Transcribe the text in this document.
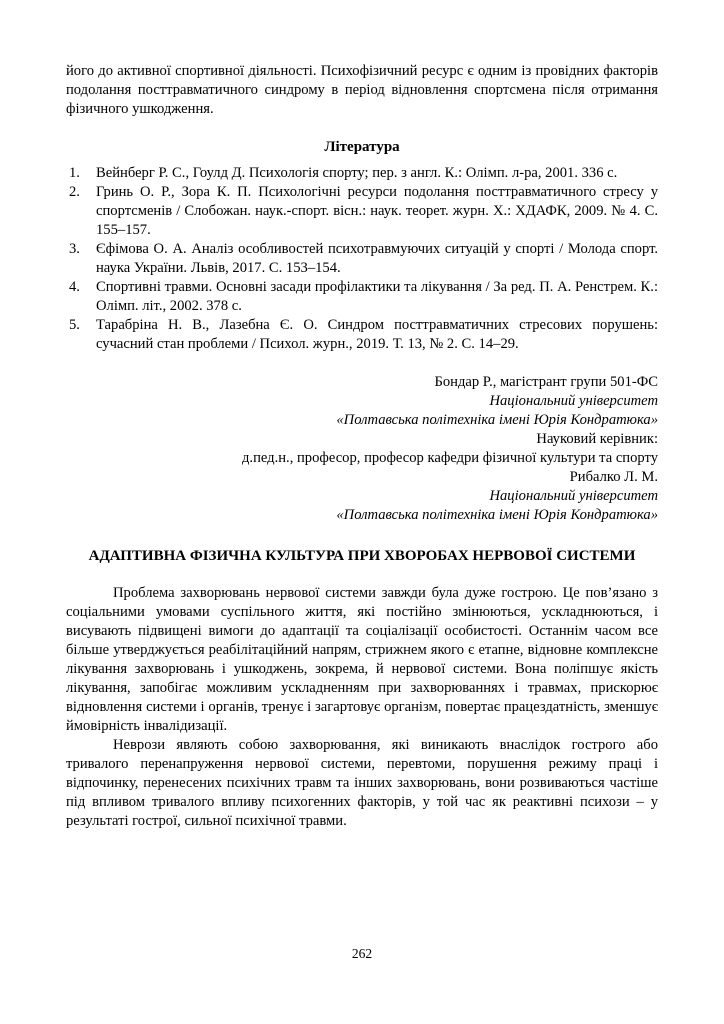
його до активної спортивної діяльності. Психофізичний ресурс є одним із провідних факторів подолання посттравматичного синдрому в період відновлення спортсмена після отримання фізичного ушкодження.

Література
1. Вейнберг Р. С., Гоулд Д. Психологія спорту; пер. з англ. К.: Олімп. л-ра, 2001. 336 с.
2. Гринь О. Р., Зора К. П. Психологічні ресурси подолання посттравматичного стресу у спортсменів / Слобожан. наук.-спорт. вісн.: наук. теорет. журн. Х.: ХДАФК, 2009. № 4. С. 155–157.
3. Єфімова О. А. Аналіз особливостей психотравмуючих ситуацій у спорті / Молода спорт. наука України. Львів, 2017. С. 153–154.
4. Спортивні травми. Основні засади профілактики та лікування / За ред. П. А. Ренстрем. К.: Олімп. літ., 2002. 378 с.
5. Тарабріна Н. В., Лазебна Є. О. Синдром посттравматичних стресових порушень: сучасний стан проблеми / Психол. журн., 2019. Т. 13, № 2. С. 14–29.
Бондар Р., магістрант групи 501-ФС
Національний університет
«Полтавська політехніка імені Юрія Кондратюка»
Науковий керівник:
д.пед.н., професор, професор кафедри фізичної культури та спорту
Рибалко Л. М.
Національний університет
«Полтавська політехніка імені Юрія Кондратюка»
АДАПТИВНА ФІЗИЧНА КУЛЬТУРА ПРИ ХВОРОБАХ НЕРВОВОЇ СИСТЕМИ

Проблема захворювань нервової системи завжди була дуже гострою. Це пов’язано з соціальними умовами суспільного життя, які постійно змінюються, ускладнюються, і висувають підвищені вимоги до адаптації та соціалізації особистості. Останнім часом все більше утверджується реабілітаційний напрям, стрижнем якого є етапне, відновне комплексне лікування захворювань і ушкоджень, зокрема, й нервової системи. Вона поліпшує якість лікування, запобігає можливим ускладненням при захворюваннях і травмах, прискорює відновлення системи і органів, тренує і загартовує організм, повертає працездатність, зменшує ймовірність інвалідизації.

Неврози являють собою захворювання, які виникають внаслідок гострого або тривалого перенапруження нервової системи, перевтоми, порушення режиму праці і відпочинку, перенесених психічних травм та інших захворювань, вони розвиваються частіше під впливом тривалого впливу психогенних факторів, у той час як реактивні психози – у результаті гострої, сильної психічної травми.

262
